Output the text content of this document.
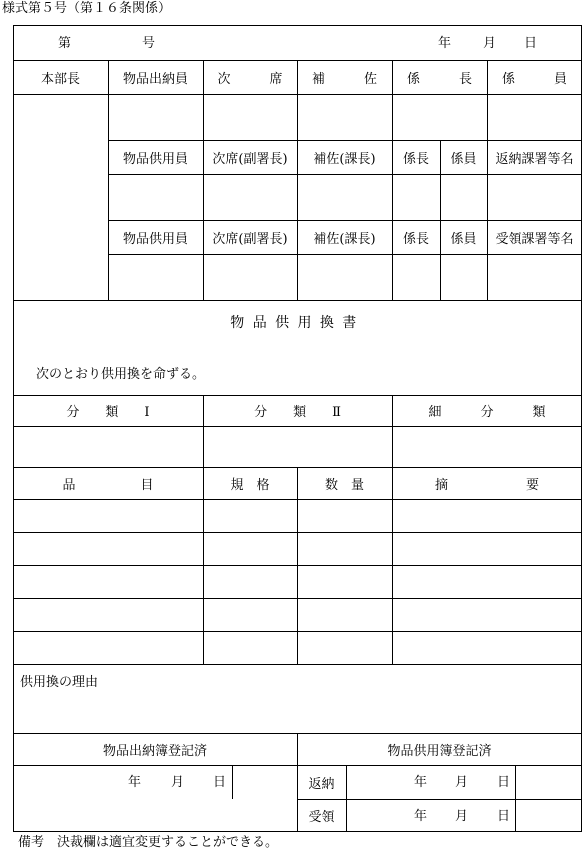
様式第５号（第１６条関係）
第	号	年 月 日
本部長	物品出納員	次　　　席	補　　　佐	係　　　長	係　　　員
物品供用員	次席(副署長)	補佐(課長)	係長	係員	返納課署等名
物品供用員	次席(副署長)	補佐(課長)	係長	係員	受領課署等名
物品供用換書
次のとおり供用換を命ずる。
分　　類　　Ⅰ	分　　類　　Ⅱ	細　　　分　　　類
品　　　　　目	規　格	数　量	摘　　　　　　要
供用換の理由
物品出納簿登記済	物品供用簿登記済
年 月 日	返納	年 月 日
受領	年 月 日
備考　決裁欄は適宜変更することができる。
